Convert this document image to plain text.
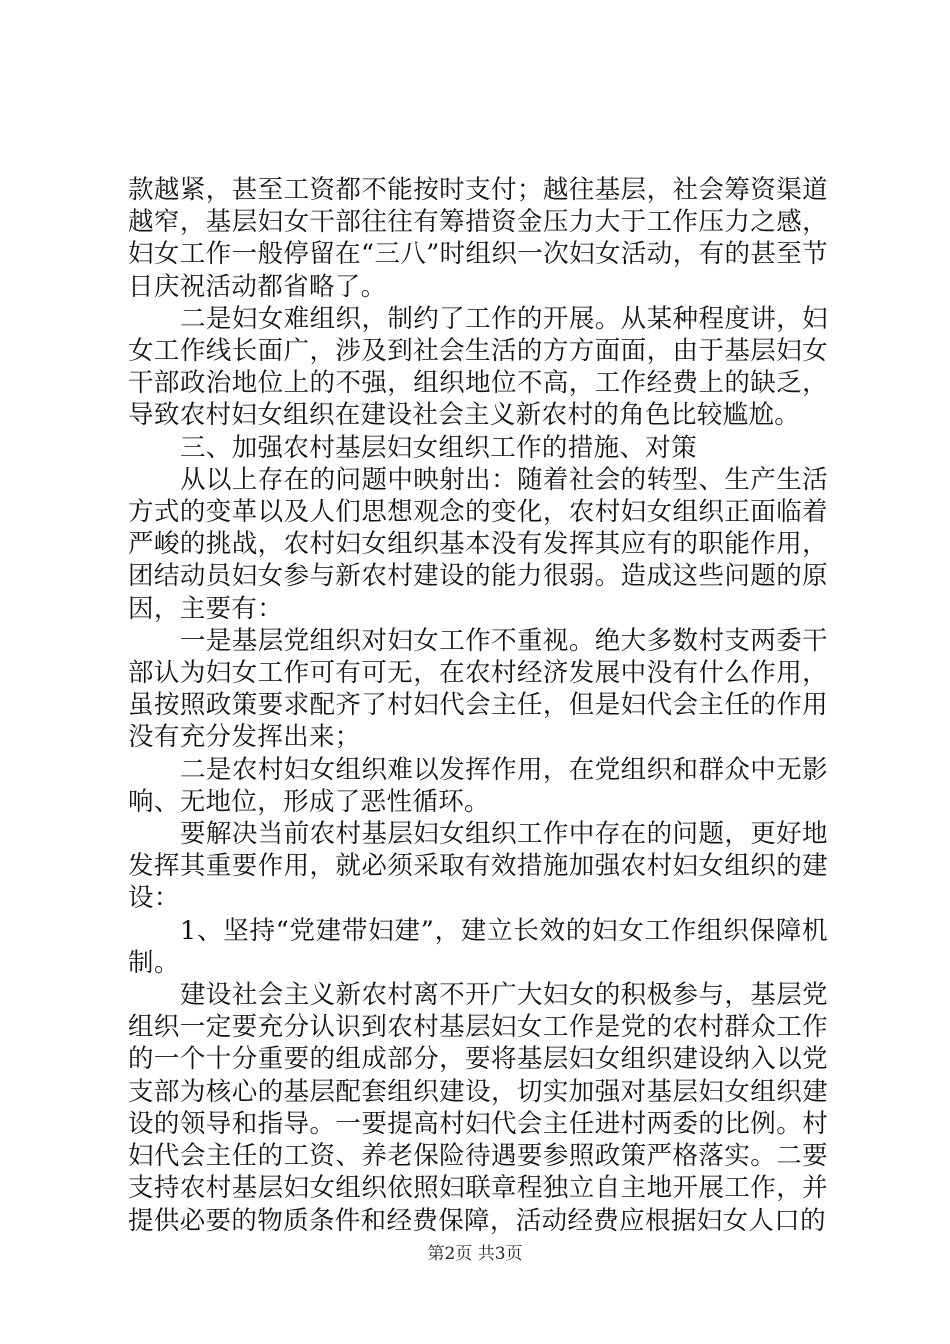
款越紧，甚至工资都不能按时支付；越往基层，社会筹资渠道越窄，基层妇女干部往往有筹措资金压力大于工作压力之感，妇女工作一般停留在“三八”时组织一次妇女活动，有的甚至节日庆祝活动都省略了。

二是妇女难组织，制约了工作的开展。从某种程度讲，妇女工作线长面广，涉及到社会生活的方方面面，由于基层妇女干部政治地位上的不强，组织地位不高，工作经费上的缺乏，导致农村妇女组织在建设社会主义新农村的角色比较尴尬。

三、加强农村基层妇女组织工作的措施、对策

从以上存在的问题中映射出：随着社会的转型、生产生活方式的变革以及人们思想观念的变化，农村妇女组织正面临着严峻的挑战，农村妇女组织基本没有发挥其应有的职能作用，团结动员妇女参与新农村建设的能力很弱。造成这些问题的原因，主要有：

一是基层党组织对妇女工作不重视。绝大多数村支两委干部认为妇女工作可有可无，在农村经济发展中没有什么作用，虽按照政策要求配齐了村妇代会主任，但是妇代会主任的作用没有充分发挥出来；

二是农村妇女组织难以发挥作用，在党组织和群众中无影响、无地位，形成了恶性循环。

要解决当前农村基层妇女组织工作中存在的问题，更好地发挥其重要作用，就必须采取有效措施加强农村妇女组织的建设：

1、坚持“党建带妇建”，建立长效的妇女工作组织保障机制。

建设社会主义新农村离不开广大妇女的积极参与，基层党组织一定要充分认识到农村基层妇女工作是党的农村群众工作的一个十分重要的组成部分，要将基层妇女组织建设纳入以党支部为核心的基层配套组织建设，切实加强对基层妇女组织建设的领导和指导。一要提高村妇代会主任进村两委的比例。村妇代会主任的工资、养老保险待遇要参照政策严格落实。二要支持农村基层妇女组织依照妇联章程独立自主地开展工作，并提供必要的物质条件和经费保障，活动经费应根据妇女人口的

第2页 共3页
